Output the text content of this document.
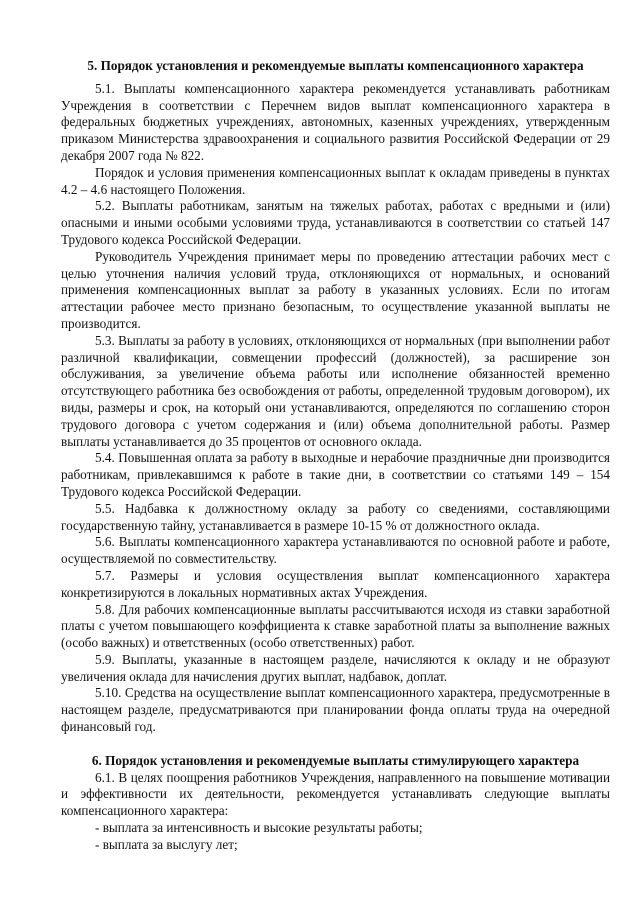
5. Порядок установления и рекомендуемые выплаты компенсационного характера

5.1. Выплаты компенсационного характера рекомендуется устанавливать работникам Учреждения в соответствии с Перечнем видов выплат компенсационного характера в федеральных бюджетных учреждениях, автономных, казенных учреждениях, утвержденным приказом Министерства здравоохранения и социального развития Российской Федерации от 29 декабря 2007 года № 822.

Порядок и условия применения компенсационных выплат к окладам приведены в пунктах 4.2 – 4.6 настоящего Положения.

5.2. Выплаты работникам, занятым на тяжелых работах, работах с вредными и (или) опасными и иными особыми условиями труда, устанавливаются в соответствии со статьей 147 Трудового кодекса Российской Федерации.

Руководитель Учреждения принимает меры по проведению аттестации рабочих мест с целью уточнения наличия условий труда, отклоняющихся от нормальных, и оснований применения компенсационных выплат за работу в указанных условиях. Если по итогам аттестации рабочее место признано безопасным, то осуществление указанной выплаты не производится.

5.3. Выплаты за работу в условиях, отклоняющихся от нормальных (при выполнении работ различной квалификации, совмещении профессий (должностей), за расширение зон обслуживания, за увеличение объема работы или исполнение обязанностей временно отсутствующего работника без освобождения от работы, определенной трудовым договором), их виды, размеры и срок, на который они устанавливаются, определяются по соглашению сторон трудового договора с учетом содержания и (или) объема дополнительной работы. Размер выплаты устанавливается до 35 процентов от основного оклада.

5.4. Повышенная оплата за работу в выходные и нерабочие праздничные дни производится работникам, привлекавшимся к работе в такие дни, в соответствии со статьями 149 – 154 Трудового кодекса Российской Федерации.

5.5. Надбавка к должностному окладу за работу со сведениями, составляющими государственную тайну, устанавливается в размере 10-15 % от должностного оклада.

5.6. Выплаты компенсационного характера устанавливаются по основной работе и работе, осуществляемой по совместительству.

5.7. Размеры и условия осуществления выплат компенсационного характера конкретизируются в локальных нормативных актах Учреждения.

5.8. Для рабочих компенсационные выплаты рассчитываются исходя из ставки заработной платы с учетом повышающего коэффициента к ставке заработной платы за выполнение важных (особо важных) и ответственных (особо ответственных) работ.

5.9. Выплаты, указанные в настоящем разделе, начисляются к окладу и не образуют увеличения оклада для начисления других выплат, надбавок, доплат.

5.10. Средства на осуществление выплат компенсационного характера, предусмотренные в настоящем разделе, предусматриваются при планировании фонда оплаты труда на очередной финансовый год.

6. Порядок установления и рекомендуемые выплаты стимулирующего характера

6.1. В целях поощрения работников Учреждения, направленного на повышение мотивации и эффективности их деятельности, рекомендуется устанавливать следующие выплаты компенсационного характера:

- выплата за интенсивность и высокие результаты работы;

- выплата за выслугу лет;
